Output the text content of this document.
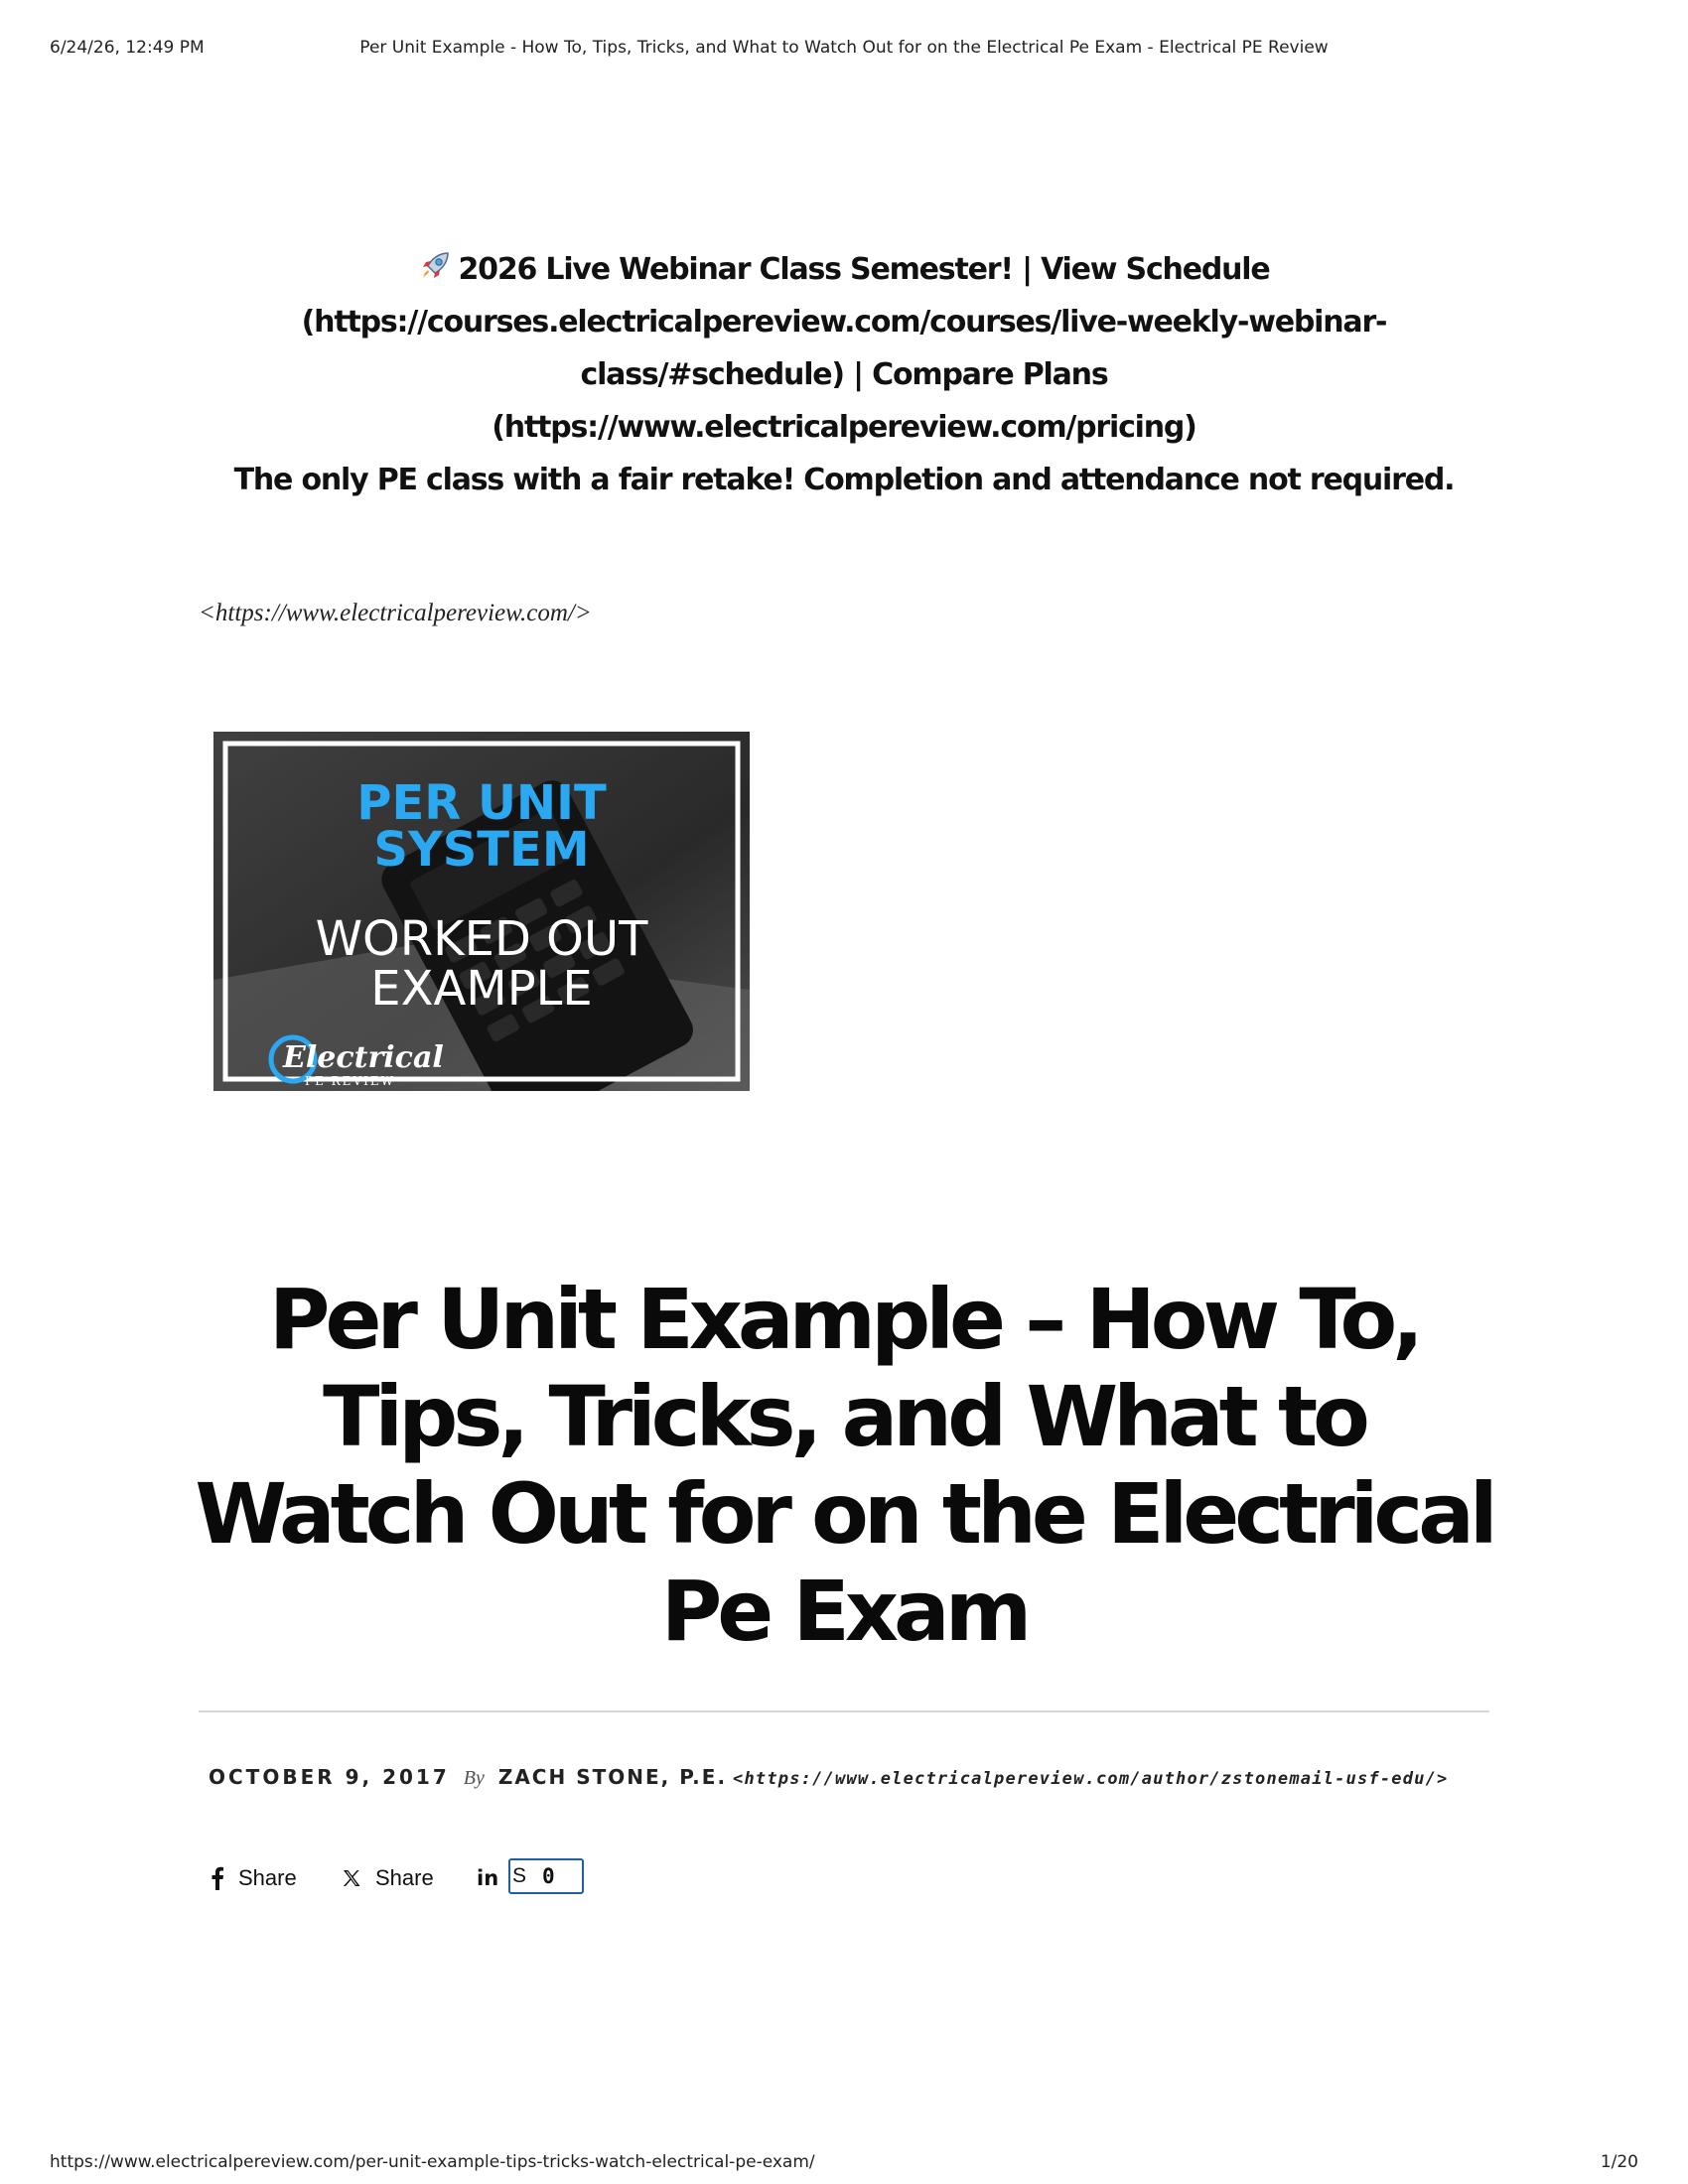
6/24/26, 12:49 PM	Per Unit Example - How To, Tips, Tricks, and What to Watch Out for on the Electrical Pe Exam - Electrical PE Review
2026 Live Webinar Class Semester! | View Schedule
(https://courses.electricalpereview.com/courses/live-weekly-webinar-
class/#schedule) | Compare Plans
(https://www.electricalpereview.com/pricing)
The only PE class with a fair retake! Completion and attendance not required.
<https://www.electricalpereview.com/>
PER UNIT
SYSTEM
WORKED OUT
EXAMPLE
Electrical
PE REVIEW
Per Unit Example – How To, Tips, Tricks, and What to Watch Out for on the Electrical Pe Exam
OCTOBER 9, 2017 By ZACH STONE, P.E. <https://www.electricalpereview.com/author/zstonemail-usf-edu/>
Share	Share in S 0
https://www.electricalpereview.com/per-unit-example-tips-tricks-watch-electrical-pe-exam/	1/20
